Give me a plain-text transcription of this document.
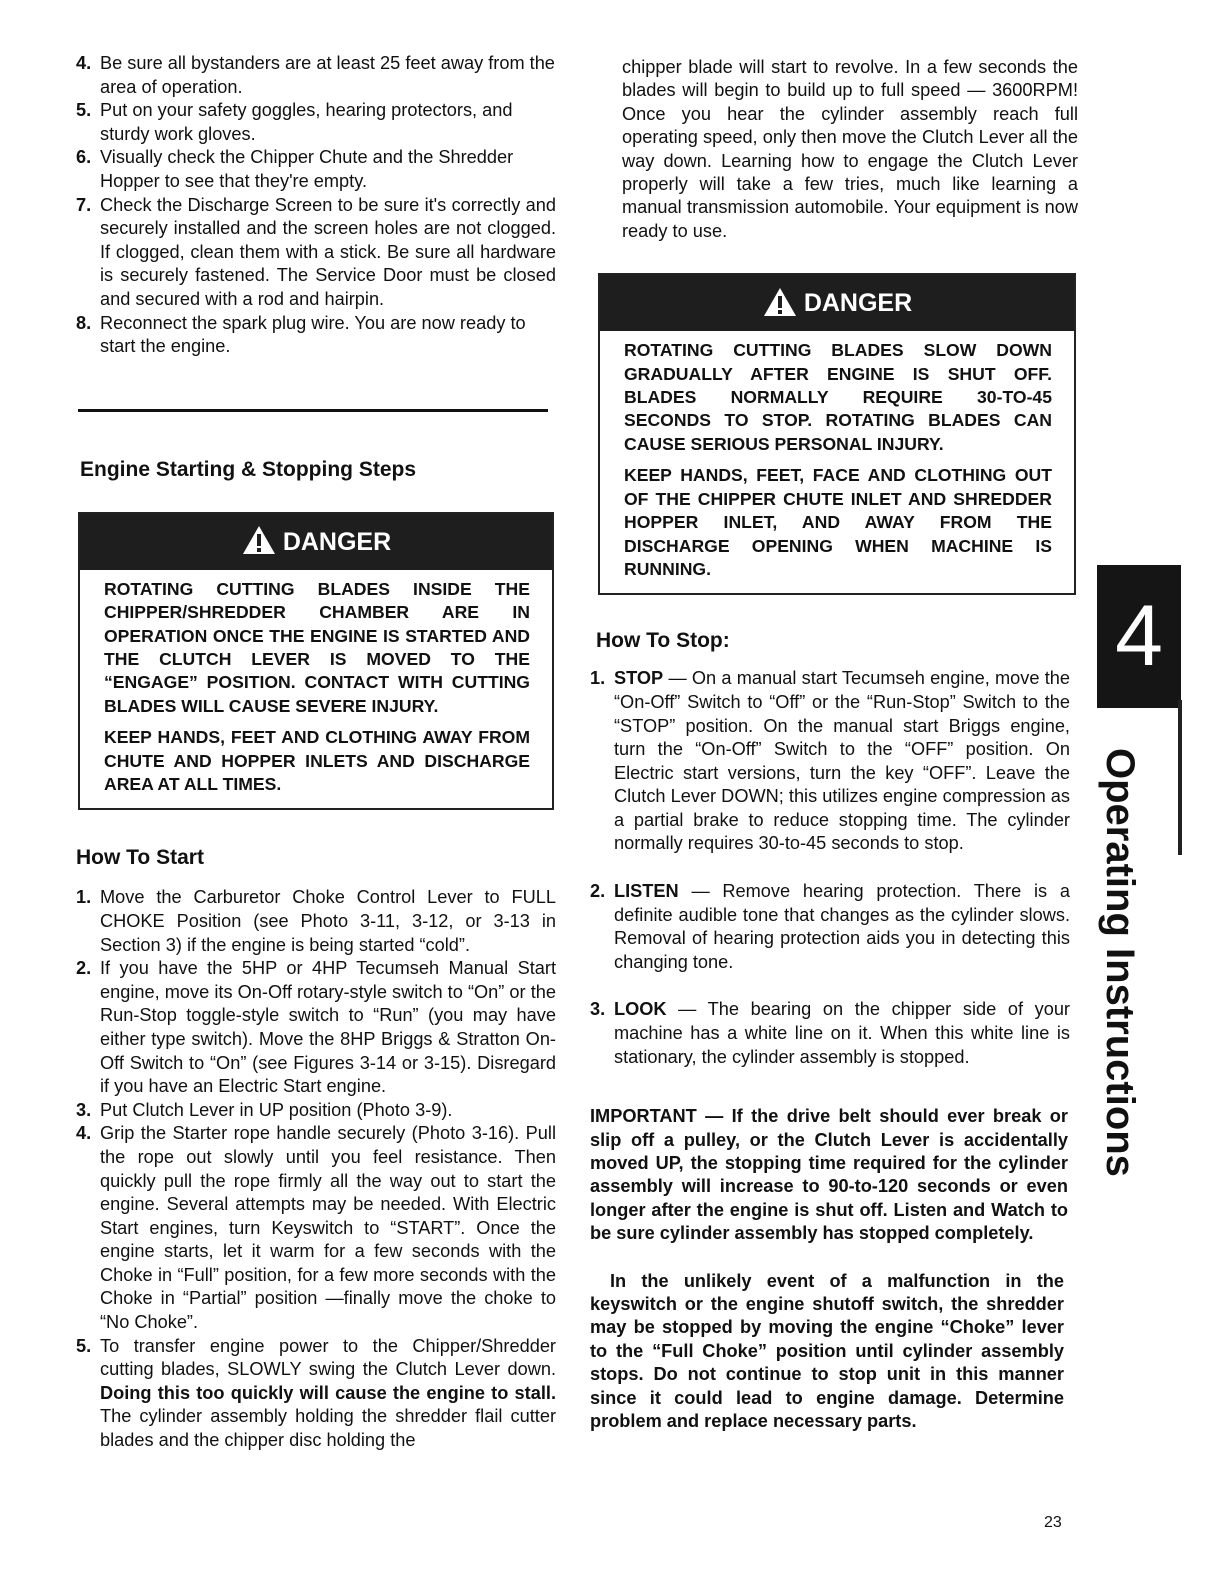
4. Be sure all bystanders are at least 25 feet away from the area of operation.
5. Put on your safety goggles, hearing protectors, and sturdy work gloves.
6. Visually check the Chipper Chute and the Shredder Hopper to see that they're empty.
7. Check the Discharge Screen to be sure it's correctly and securely installed and the screen holes are not clogged. If clogged, clean them with a stick. Be sure all hardware is securely fastened. The Service Door must be closed and secured with a rod and hairpin.
8. Reconnect the spark plug wire. You are now ready to start the engine.
Engine Starting & Stopping Steps
DANGER

ROTATING CUTTING BLADES INSIDE THE CHIPPER/SHREDDER CHAMBER ARE IN OPERATION ONCE THE ENGINE IS STARTED AND THE CLUTCH LEVER IS MOVED TO THE “ENGAGE” POSITION. CONTACT WITH CUTTING BLADES WILL CAUSE SEVERE INJURY.

KEEP HANDS, FEET AND CLOTHING AWAY FROM CHUTE AND HOPPER INLETS AND DISCHARGE AREA AT ALL TIMES.

How To Start
1. Move the Carburetor Choke Control Lever to FULL CHOKE Position (see Photo 3-11, 3-12, or 3-13 in Section 3) if the engine is being started “cold”.
2. If you have the 5HP or 4HP Tecumseh Manual Start engine, move its On-Off rotary-style switch to “On” or the Run-Stop toggle-style switch to “Run” (you may have either type switch). Move the 8HP Briggs & Stratton On-Off Switch to “On” (see Figures 3-14 or 3-15). Disregard if you have an Electric Start engine.
3. Put Clutch Lever in UP position (Photo 3-9).
4. Grip the Starter rope handle securely (Photo 3-16). Pull the rope out slowly until you feel resistance. Then quickly pull the rope firmly all the way out to start the engine. Several attempts may be needed. With Electric Start engines, turn Keyswitch to “START”. Once the engine starts, let it warm for a few seconds with the Choke in “Full” position, for a few more seconds with the Choke in “Partial” position —finally move the choke to “No Choke”.
5. To transfer engine power to the Chipper/Shredder cutting blades, SLOWLY swing the Clutch Lever down. Doing this too quickly will cause the engine to stall. The cylinder assembly holding the shredder flail cutter blades and the chipper disc holding the

chipper blade will start to revolve. In a few seconds the blades will begin to build up to full speed — 3600RPM! Once you hear the cylinder assembly reach full operating speed, only then move the Clutch Lever all the way down. Learning how to engage the Clutch Lever properly will take a few tries, much like learning a manual transmission automobile. Your equipment is now ready to use.

DANGER

ROTATING CUTTING BLADES SLOW DOWN GRADUALLY AFTER ENGINE IS SHUT OFF. BLADES NORMALLY REQUIRE 30-TO-45 SECONDS TO STOP. ROTATING BLADES CAN CAUSE SERIOUS PERSONAL INJURY.

KEEP HANDS, FEET, FACE AND CLOTHING OUT OF THE CHIPPER CHUTE INLET AND SHREDDER HOPPER INLET, AND AWAY FROM THE DISCHARGE OPENING WHEN MACHINE IS RUNNING.

How To Stop:

1. STOP — On a manual start Tecumseh engine, move the “On-Off” Switch to “Off” or the “Run-Stop” Switch to the “STOP” position. On the manual start Briggs engine, turn the “On-Off” Switch to the “OFF” position. On Electric start versions, turn the key “OFF”. Leave the Clutch Lever DOWN; this utilizes engine compression as a partial brake to reduce stopping time. The cylinder normally requires 30-to-45 seconds to stop.

2. LISTEN — Remove hearing protection. There is a definite audible tone that changes as the cylinder slows. Removal of hearing protection aids you in detecting this changing tone.

3. LOOK — The bearing on the chipper side of your machine has a white line on it. When this white line is stationary, the cylinder assembly is stopped.

IMPORTANT — If the drive belt should ever break or slip off a pulley, or the Clutch Lever is accidentally moved UP, the stopping time required for the cylinder assembly will increase to 90-to-120 seconds or even longer after the engine is shut off. Listen and Watch to be sure cylinder assembly has stopped completely.

In the unlikely event of a malfunction in the keyswitch or the engine shutoff switch, the shredder may be stopped by moving the engine “Choke” lever to the “Full Choke” position until cylinder assembly stops. Do not continue to stop unit in this manner since it could lead to engine damage. Determine problem and replace necessary parts.

4
Operating Instructions
23
